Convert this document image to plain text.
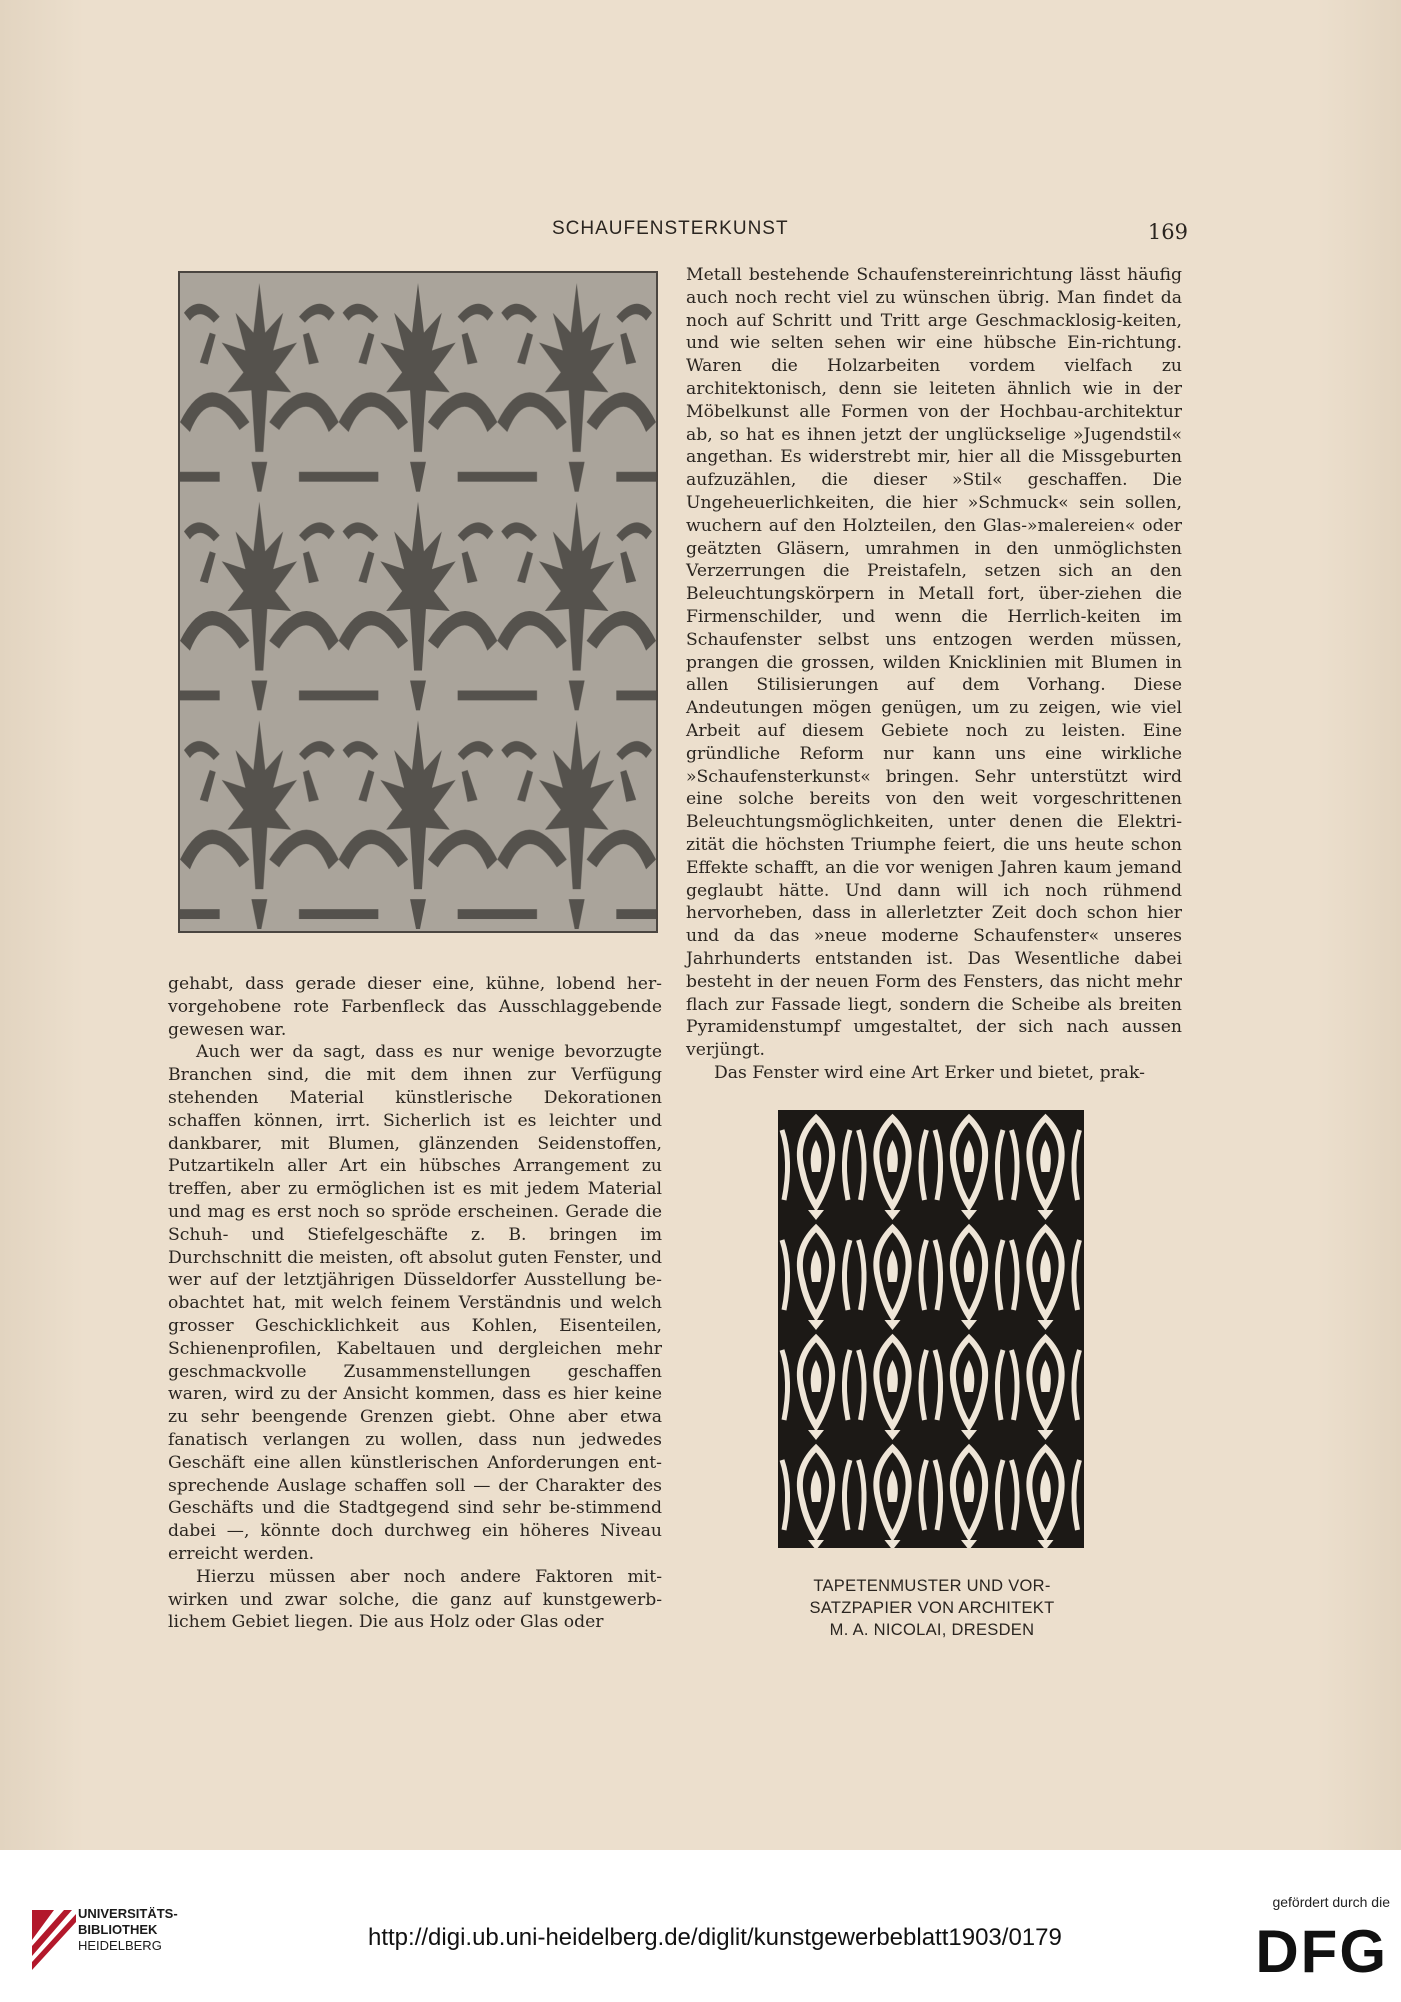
SCHAUFENSTERKUNST	169

gehabt, dass gerade dieser eine, kühne, lobend her-vorgehobene rote Farbenfleck das Ausschlaggebende gewesen war.

Auch wer da sagt, dass es nur wenige bevorzugte Branchen sind, die mit dem ihnen zur Verfügung stehenden Material künstlerische Dekorationen schaffen können, irrt. Sicherlich ist es leichter und dankbarer, mit Blumen, glänzenden Seidenstoffen, Putzartikeln aller Art ein hübsches Arrangement zu treffen, aber zu ermöglichen ist es mit jedem Material und mag es erst noch so spröde erscheinen. Gerade die Schuh- und Stiefelgeschäfte z. B. bringen im Durchschnitt die meisten, oft absolut guten Fenster, und wer auf der letztjährigen Düsseldorfer Ausstellung be-obachtet hat, mit welch feinem Verständnis und welch grosser Geschicklichkeit aus Kohlen, Eisenteilen, Schienenprofilen, Kabeltauen und dergleichen mehr geschmackvolle Zusammenstellungen geschaffen waren, wird zu der Ansicht kommen, dass es hier keine zu sehr beengende Grenzen giebt. Ohne aber etwa fanatisch verlangen zu wollen, dass nun jedwedes Geschäft eine allen künstlerischen Anforderungen ent-sprechende Auslage schaffen soll — der Charakter des Geschäfts und die Stadtgegend sind sehr be-stimmend dabei —, könnte doch durchweg ein höheres Niveau erreicht werden.

Hierzu müssen aber noch andere Faktoren mit-wirken und zwar solche, die ganz auf kunstgewerb-lichem Gebiet liegen. Die aus Holz oder Glas oder

Metall bestehende Schaufenstereinrichtung lässt häufig auch noch recht viel zu wünschen übrig. Man findet da noch auf Schritt und Tritt arge Geschmacklosig-keiten, und wie selten sehen wir eine hübsche Ein-richtung. Waren die Holzarbeiten vordem vielfach zu architektonisch, denn sie leiteten ähnlich wie in der Möbelkunst alle Formen von der Hochbau-architektur ab, so hat es ihnen jetzt der unglückselige »Jugendstil« angethan. Es widerstrebt mir, hier all die Missgeburten aufzuzählen, die dieser »Stil« geschaffen. Die Ungeheuerlichkeiten, die hier »Schmuck« sein sollen, wuchern auf den Holzteilen, den Glas-»malereien« oder geätzten Gläsern, umrahmen in den unmöglichsten Verzerrungen die Preistafeln, setzen sich an den Beleuchtungskörpern in Metall fort, über-ziehen die Firmenschilder, und wenn die Herrlich-keiten im Schaufenster selbst uns entzogen werden müssen, prangen die grossen, wilden Knicklinien mit Blumen in allen Stilisierungen auf dem Vorhang. Diese Andeutungen mögen genügen, um zu zeigen, wie viel Arbeit auf diesem Gebiete noch zu leisten. Eine gründliche Reform nur kann uns eine wirkliche »Schaufensterkunst« bringen. Sehr unterstützt wird eine solche bereits von den weit vorgeschrittenen Beleuchtungsmöglichkeiten, unter denen die Elektri-zität die höchsten Triumphe feiert, die uns heute schon Effekte schafft, an die vor wenigen Jahren kaum jemand geglaubt hätte. Und dann will ich noch rühmend hervorheben, dass in allerletzter Zeit doch schon hier und da das »neue moderne Schaufenster« unseres Jahrhunderts entstanden ist. Das Wesentliche dabei besteht in der neuen Form des Fensters, das nicht mehr flach zur Fassade liegt, sondern die Scheibe als breiten Pyramidenstumpf umgestaltet, der sich nach aussen verjüngt.

Das Fenster wird eine Art Erker und bietet, prak-

TAPETENMUSTER UND VOR-
SATZPAPIER VON ARCHITEKT
M. A. NICOLAI, DRESDEN
UNIVERSITÄTS-
BIBLIOTHEK
HEIDELBERG	http://digi.ub.uni-heidelberg.de/diglit/kunstgewerbeblatt1903/0179
gefördert durch die
DFG
